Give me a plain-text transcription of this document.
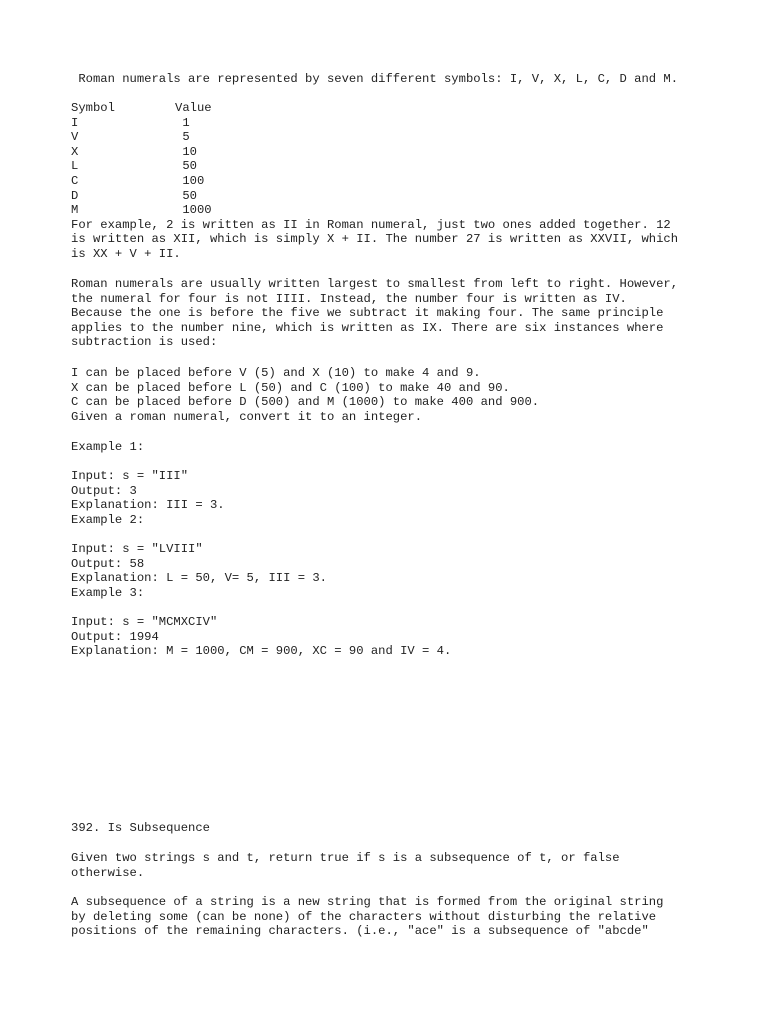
Roman numerals are represented by seven different symbols: I, V, X, L, C, D and M.
Symbol	Value
I	1
V	5
X	10
L	50
C	100
D	50
M	1000
For example, 2 is written as II in Roman numeral, just two ones added together. 12
is written as XII, which is simply X + II. The number 27 is written as XXVII, which
is XX + V + II.
Roman numerals are usually written largest to smallest from left to right. However,
the numeral for four is not IIII. Instead, the number four is written as IV.
Because the one is before the five we subtract it making four. The same principle
applies to the number nine, which is written as IX. There are six instances where
subtraction is used:
I can be placed before V (5) and X (10) to make 4 and 9.
X can be placed before L (50) and C (100) to make 40 and 90.
C can be placed before D (500) and M (1000) to make 400 and 900.
Given a roman numeral, convert it to an integer.
Example 1:
Input: s = "III"
Output: 3
Explanation: III = 3.
Example 2:
Input: s = "LVIII"
Output: 58
Explanation: L = 50, V= 5, III = 3.
Example 3:
Input: s = "MCMXCIV"
Output: 1994
Explanation: M = 1000, CM = 900, XC = 90 and IV = 4.
392. Is Subsequence
Given two strings s and t, return true if s is a subsequence of t, or false
otherwise.
A subsequence of a string is a new string that is formed from the original string
by deleting some (can be none) of the characters without disturbing the relative
positions of the remaining characters. (i.e., "ace" is a subsequence of "abcde"
